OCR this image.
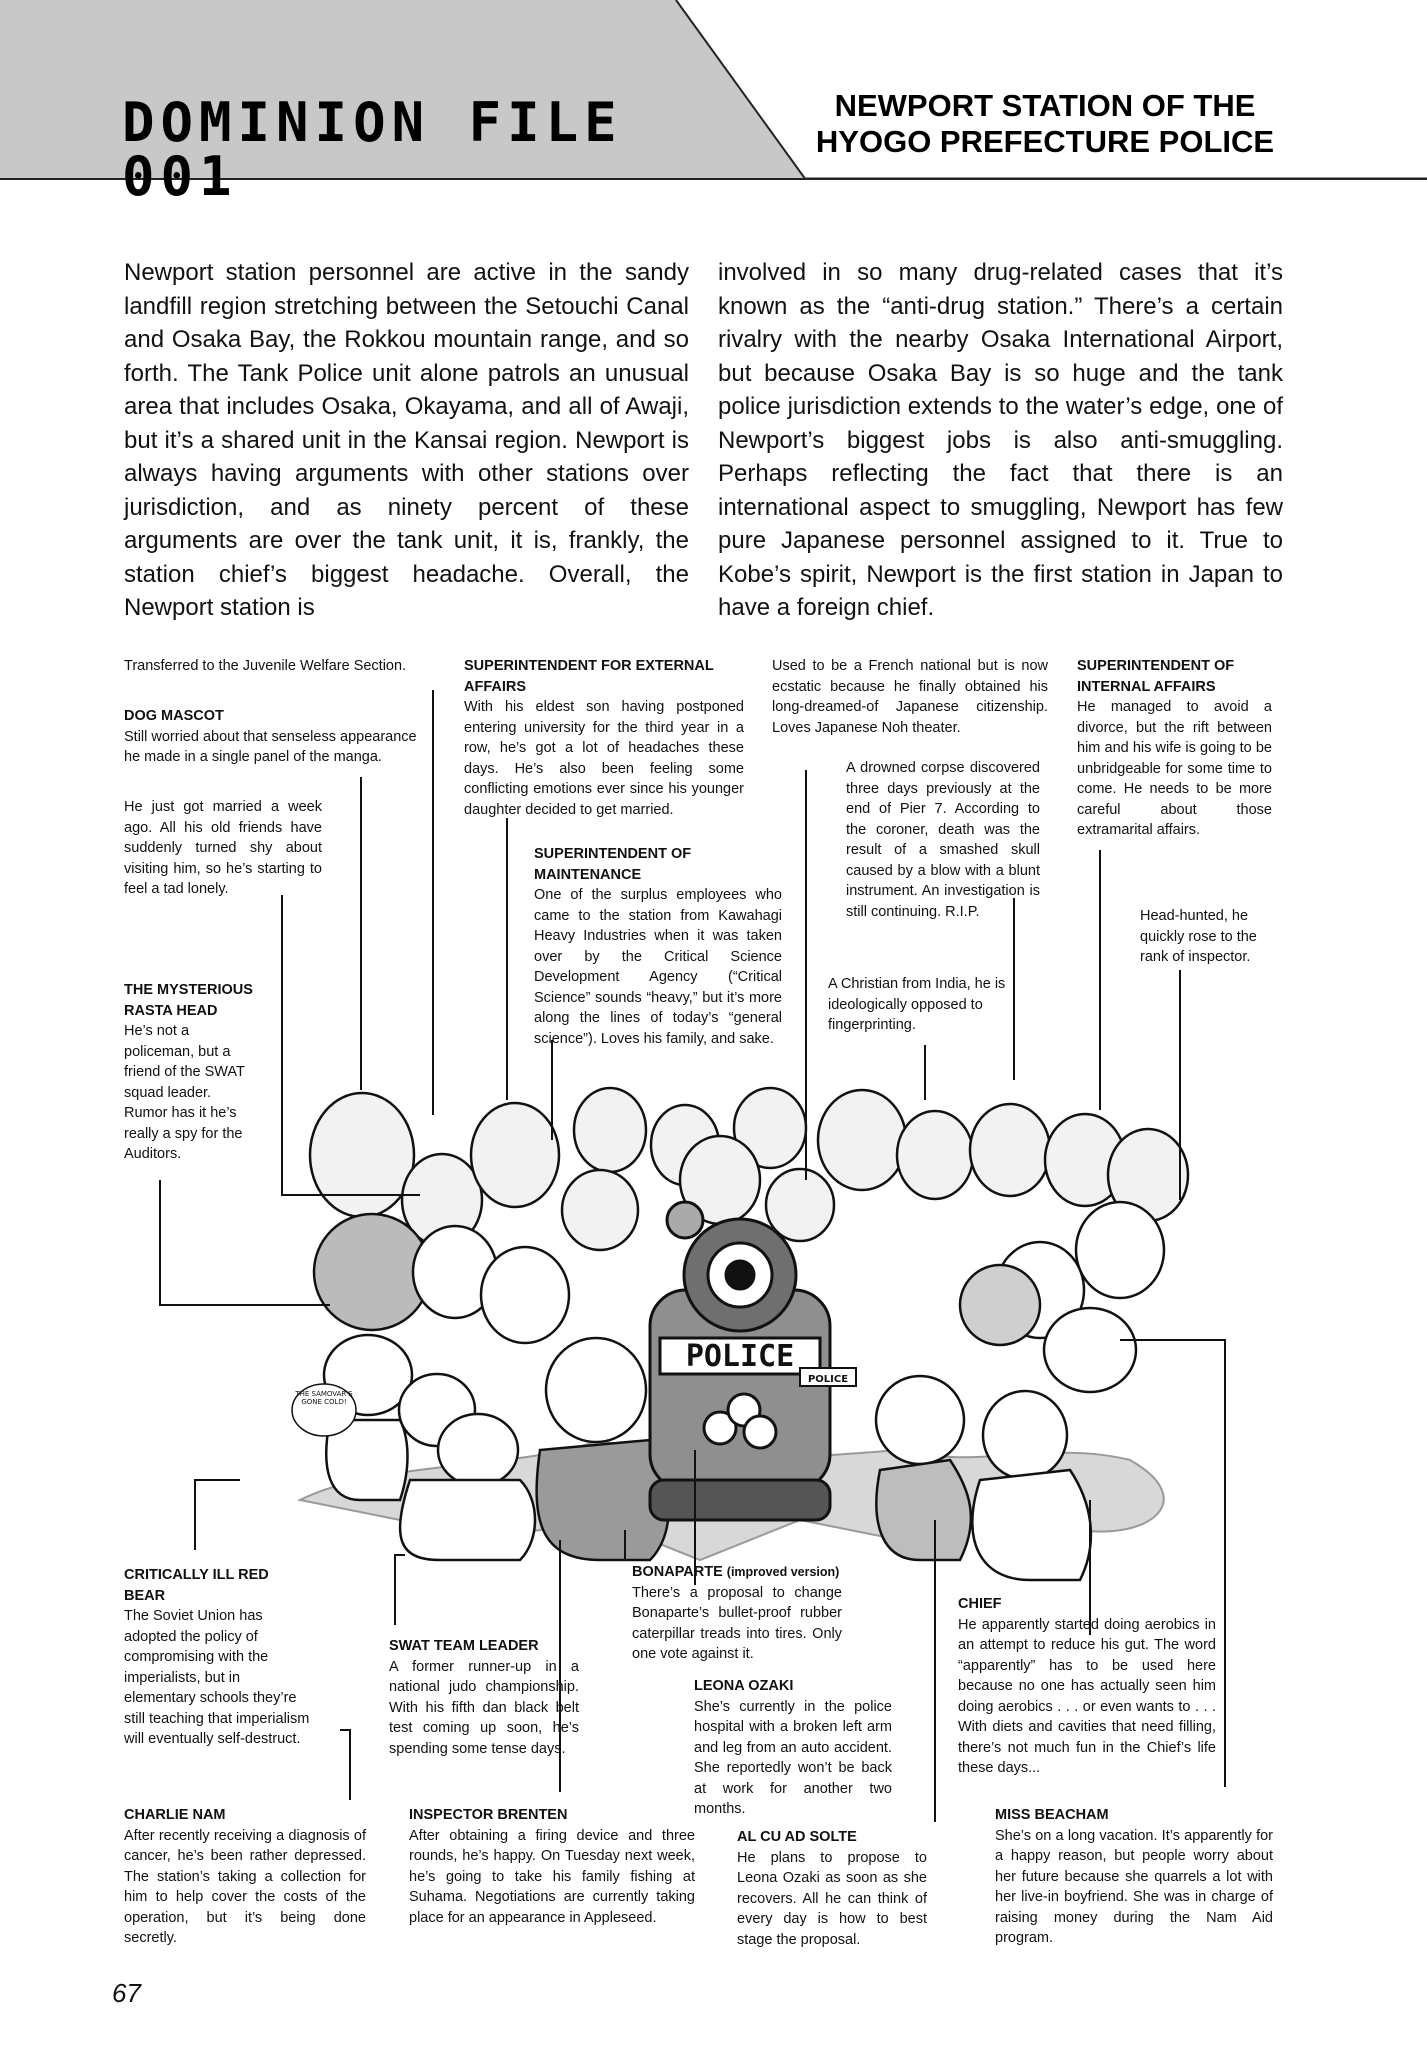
DOMINION FILE 001
NEWPORT STATION OF THE HYOGO PREFECTURE POLICE
Newport station personnel are active in the sandy landfill region stretching between the Setouchi Canal and Osaka Bay, the Rokkou mountain range, and so forth. The Tank Police unit alone patrols an unusual area that includes Osaka, Okayama, and all of Awaji, but it’s a shared unit in the Kansai region. Newport is always having arguments with other stations over jurisdiction, and as ninety percent of these arguments are over the tank unit, it is, frankly, the station chief’s biggest headache. Overall, the Newport station is
involved in so many drug-related cases that it’s known as the “anti-drug station.” There’s a certain rivalry with the nearby Osaka International Airport, but because Osaka Bay is so huge and the tank police jurisdiction extends to the water’s edge, one of Newport’s biggest jobs is also anti-smuggling. Perhaps reflecting the fact that there is an international aspect to smuggling, Newport has few pure Japanese personnel assigned to it. True to Kobe’s spirit, Newport is the first station in Japan to have a foreign chief.
POLICE
POLICE
THE SAMOVAR'S GONE COLD!
Transferred to the Juvenile Welfare Section.
DOG MASCOT
Still worried about that senseless appearance he made in a single panel of the manga.
He just got married a week ago. All his old friends have suddenly turned shy about visiting him, so he’s starting to feel a tad lonely.
THE MYSTERIOUS RASTA HEAD
He’s not a policeman, but a friend of the SWAT squad leader. Rumor has it he’s really a spy for the Auditors.
SUPERINTENDENT FOR EXTERNAL AFFAIRS
With his eldest son having postponed entering university for the third year in a row, he’s got a lot of headaches these days. He’s also been feeling some conflicting emotions ever since his younger daughter decided to get married.
SUPERINTENDENT OF MAINTENANCE
One of the surplus employees who came to the station from Kawahagi Heavy Industries when it was taken over by the Critical Science Development Agency (“Critical Science” sounds “heavy,” but it’s more along the lines of today’s “general science”). Loves his family, and sake.
Used to be a French national but is now ecstatic because he finally obtained his long-dreamed-of Japanese citizenship. Loves Japanese Noh theater.
A drowned corpse discovered three days previously at the end of Pier 7. According to the coroner, death was the result of a smashed skull caused by a blow with a blunt instrument. An investigation is still continuing. R.I.P.
A Christian from India, he is ideologically opposed to fingerprinting.
SUPERINTENDENT OF INTERNAL AFFAIRS
He managed to avoid a divorce, but the rift between him and his wife is going to be unbridgeable for some time to come. He needs to be more careful about those extramarital affairs.
Head-hunted, he quickly rose to the rank of inspector.
CRITICALLY ILL RED BEAR
The Soviet Union has adopted the policy of compromising with the imperialists, but in elementary schools they’re still teaching that imperialism will eventually self-destruct.
SWAT TEAM LEADER
A former runner-up in a national judo championship. With his fifth dan black belt test coming up soon, he’s spending some tense days.
BONAPARTE (improved version)
There’s a proposal to change Bonaparte’s bullet-proof rubber caterpillar treads into tires. Only one vote against it.
LEONA OZAKI
She’s currently in the police hospital with a broken left arm and leg from an auto accident. She reportedly won’t be back at work for another two months.
CHIEF
He apparently started doing aerobics in an attempt to reduce his gut. The word “apparently” has to be used here because no one has actually seen him doing aerobics . . . or even wants to . . . With diets and cavities that need filling, there’s not much fun in the Chief’s life these days...
CHARLIE NAM
After recently receiving a diagnosis of cancer, he’s been rather depressed. The station’s taking a collection for him to help cover the costs of the operation, but it’s being done secretly.
INSPECTOR BRENTEN
After obtaining a firing device and three rounds, he’s happy. On Tuesday next week, he’s going to take his family fishing at Suhama. Negotiations are currently taking place for an appearance in Appleseed.
AL CU AD SOLTE
He plans to propose to Leona Ozaki as soon as she recovers. All he can think of every day is how to best stage the proposal.
MISS BEACHAM
She’s on a long vacation. It’s apparently for a happy reason, but people worry about her future because she quarrels a lot with her live-in boyfriend. She was in charge of raising money during the Nam Aid program.
67
